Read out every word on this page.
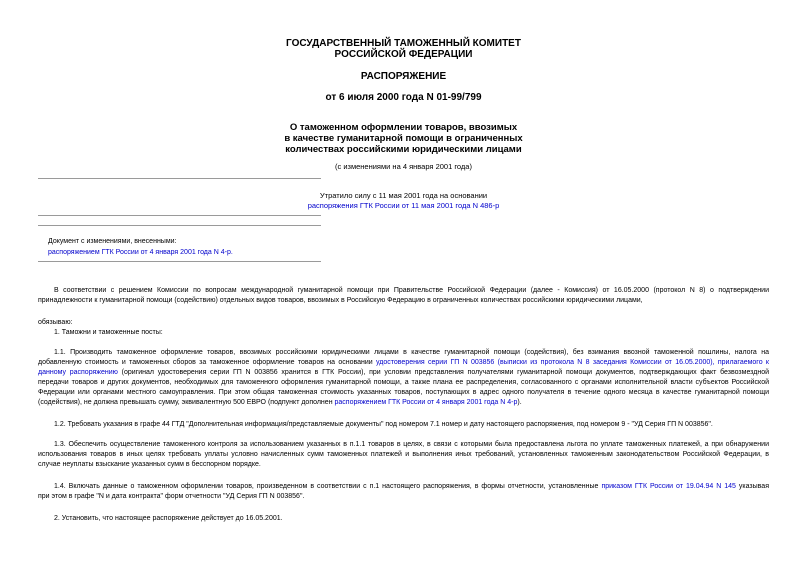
ГОСУДАРСТВЕННЫЙ ТАМОЖЕННЫЙ КОМИТЕТ
РОССИЙСКОЙ ФЕДЕРАЦИИ
РАСПОРЯЖЕНИЕ
от 6 июля 2000 года N 01-99/799
О таможенном оформлении товаров, ввозимых
в качестве гуманитарной помощи в ограниченных
количествах российскими юридическими лицами
(с изменениями на 4 января 2001 года)
Утратило силу с 11 мая 2001 года на основании
распоряжения ГТК России от 11 мая 2001 года N 486-р
Документ с изменениями, внесенными:
распоряжением ГТК России от 4 января 2001 года N 4-р.
В соответствии с решением Комиссии по вопросам международной гуманитарной помощи при Правительстве Российской Федерации (далее - Комиссия) от 16.05.2000 (протокол N 8) о подтверждении
принадлежности к гуманитарной помощи (содействию) отдельных видов товаров, ввозимых в Российскую Федерацию в ограниченных количествах российскими юридическими лицами,
обязываю:
1. Таможни и таможенные посты:
1.1. Производить таможенное оформление товаров, ввозимых российскими юридическими лицами в качестве гуманитарной помощи (содействия), без взимания ввозной таможенной пошлины, налога на
добавленную стоимость и таможенных сборов за таможенное оформление товаров на основании удостоверения серии ГП N 003856 (выписки из протокола N 8 заседания Комиссии от 16.05.2000), прилагаемого к
данному распоряжению (оригинал удостоверения серии ГП N 003856 хранится в ГТК России), при условии представления получателями гуманитарной помощи документов, подтверждающих факт безвозмездной
передачи товаров и других документов, необходимых для таможенного оформления гуманитарной помощи, а также плана ее распределения, согласованного с органами исполнительной власти субъектов Российской
Федерации или органами местного самоуправления. При этом общая таможенная стоимость указанных товаров, поступающих в адрес одного получателя в течение одного месяца в качестве гуманитарной помощи
(содействия), не должна превышать сумму, эквивалентную 500 ЕВРО (подпункт дополнен распоряжением ГТК России от 4 января 2001 года N 4-р).
1.2. Требовать указания в графе 44 ГТД "Дополнительная информация/представляемые документы" под номером 7.1 номер и дату настоящего распоряжения, под номером 9 - "УД Серия ГП N 003856".
1.3. Обеспечить осуществление таможенного контроля за использованием указанных в п.1.1 товаров в целях, в связи с которыми была предоставлена льгота по уплате таможенных платежей, а при обнаружении
использования товаров в иных целях требовать уплаты условно начисленных сумм таможенных платежей и выполнения иных требований, установленных таможенным законодательством Российской Федерации, в
случае неуплаты взыскание указанных сумм в бесспорном порядке.
1.4. Включать данные о таможенном оформлении товаров, произведенном в соответствии с п.1 настоящего распоряжения, в формы отчетности, установленные приказом ГТК России от 19.04.94 N 145 указывая
при этом в графе "N и дата контракта" форм отчетности "УД Серия ГП N 003856".
2. Установить, что настоящее распоряжение действует до 16.05.2001.
